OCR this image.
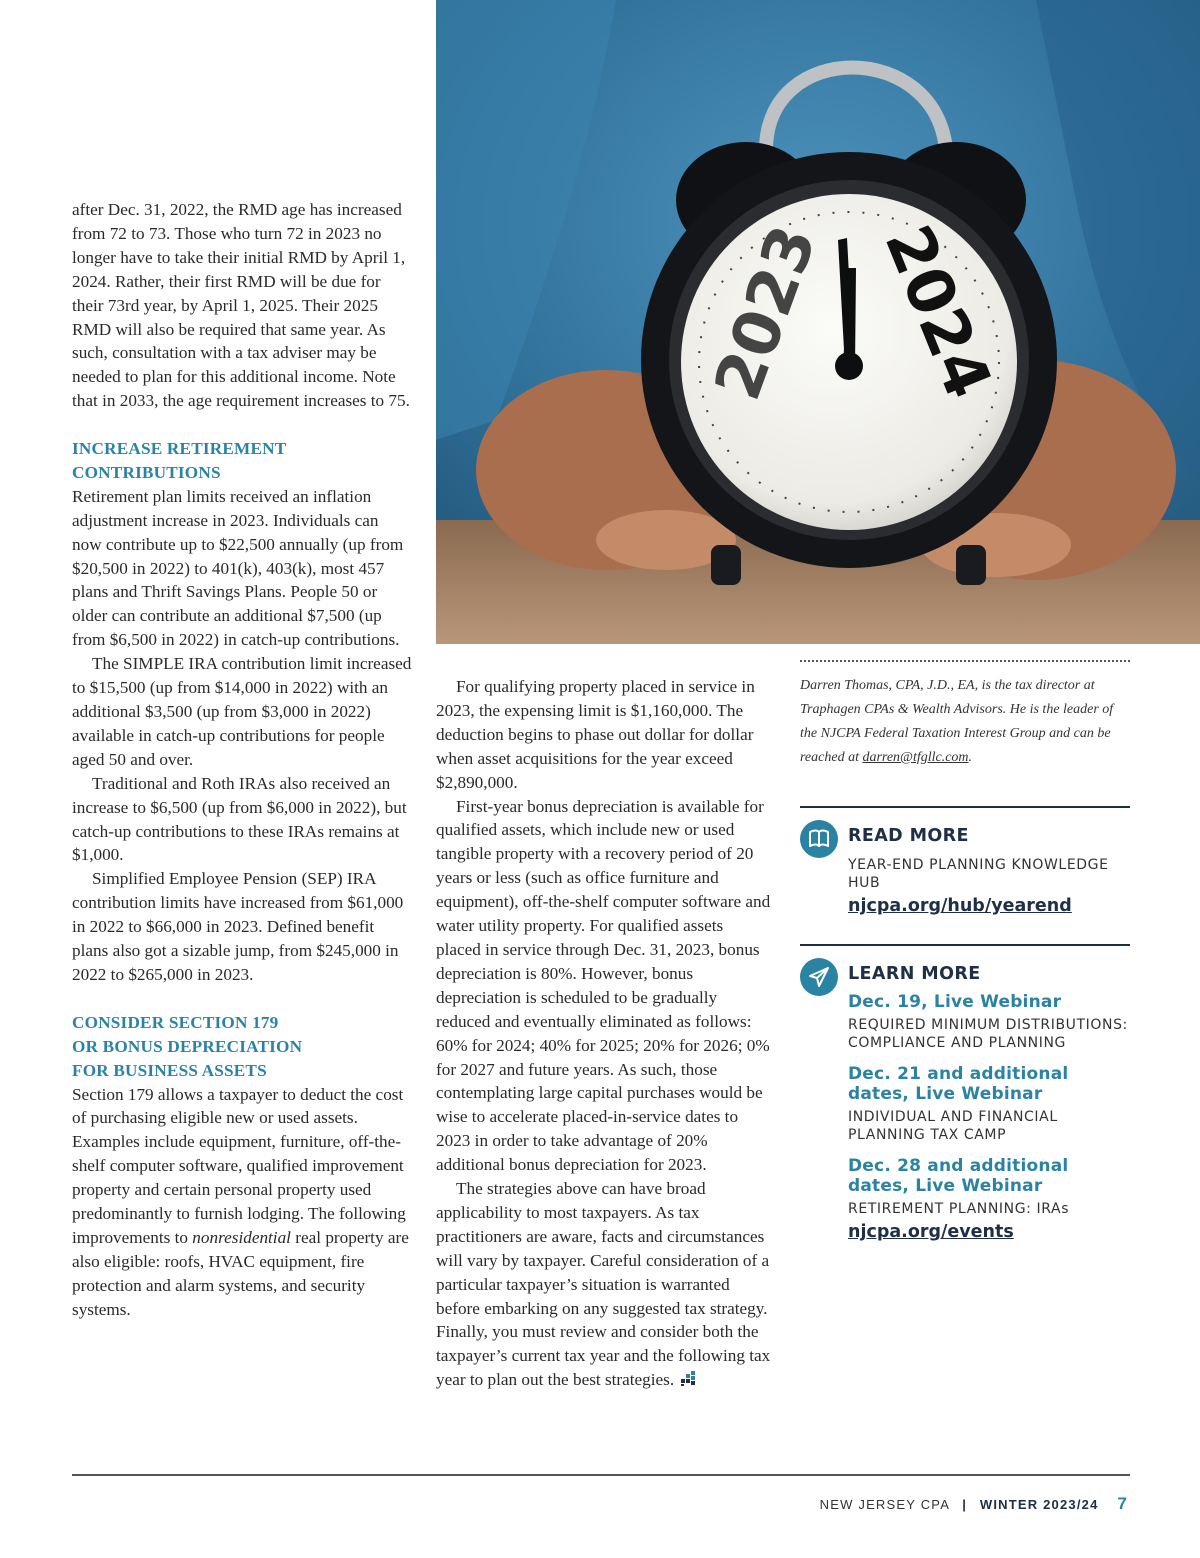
after Dec. 31, 2022, the RMD age has increased from 72 to 73. Those who turn 72 in 2023 no longer have to take their initial RMD by April 1, 2024. Rather, their first RMD will be due for their 73rd year, by April 1, 2025. Their 2025 RMD will also be required that same year. As such, consultation with a tax adviser may be needed to plan for this additional income. Note that in 2033, the age requirement increases to 75.

INCREASE RETIREMENT
CONTRIBUTIONS

Retirement plan limits received an inflation adjustment increase in 2023. Individuals can now contribute up to $22,500 annually (up from $20,500 in 2022) to 401(k), 403(k), most 457 plans and Thrift Savings Plans. People 50 or older can contribute an additional $7,500 (up from $6,500 in 2022) in catch-up contributions.

The SIMPLE IRA contribution limit increased to $15,500 (up from $14,000 in 2022) with an additional $3,500 (up from $3,000 in 2022) available in catch-up contributions for people aged 50 and over.

Traditional and Roth IRAs also received an increase to $6,500 (up from $6,000 in 2022), but catch-up contributions to these IRAs remains at $1,000.

Simplified Employee Pension (SEP) IRA contribution limits have increased from $61,000 in 2022 to $66,000 in 2023. Defined benefit plans also got a sizable jump, from $245,000 in 2022 to $265,000 in 2023.

CONSIDER SECTION 179
OR BONUS DEPRECIATION
FOR BUSINESS ASSETS

Section 179 allows a taxpayer to deduct the cost of purchasing eligible new or used assets. Examples include equipment, furniture, off-the-shelf computer software, qualified improvement property and certain personal property used predominantly to furnish lodging. The following improvements to nonresidential real property are also eligible: roofs, HVAC equipment, fire protection and alarm systems, and security systems.

2023 2024

For qualifying property placed in service in 2023, the expensing limit is $1,160,000. The deduction begins to phase out dollar for dollar when asset acquisitions for the year exceed $2,890,000.

First-year bonus depreciation is available for qualified assets, which include new or used tangible property with a recovery period of 20 years or less (such as office furniture and equipment), off-the-shelf computer software and water utility property. For qualified assets placed in service through Dec. 31, 2023, bonus depreciation is 80%. However, bonus depreciation is scheduled to be gradually reduced and eventually eliminated as follows: 60% for 2024; 40% for 2025; 20% for 2026; 0% for 2027 and future years. As such, those contemplating large capital purchases would be wise to accelerate placed-in-service dates to 2023 in order to take advantage of 20% additional bonus depreciation for 2023.

The strategies above can have broad applicability to most taxpayers. As tax practitioners are aware, facts and circumstances will vary by taxpayer. Careful consideration of a particular taxpayer’s situation is warranted before embarking on any suggested tax strategy. Finally, you must review and consider both the taxpayer’s current tax year and the following tax year to plan out the best strategies.

Darren Thomas, CPA, J.D., EA, is the tax director at Traphagen CPAs & Wealth Advisors. He is the leader of the NJCPA Federal Taxation Interest Group and can be reached at darren@tfgllc.com.
READ MORE
YEAR-END PLANNING KNOWLEDGE HUB
njcpa.org/hub/yearend
LEARN MORE
Dec. 19, Live Webinar
REQUIRED MINIMUM DISTRIBUTIONS: COMPLIANCE AND PLANNING
Dec. 21 and additional dates, Live Webinar
INDIVIDUAL AND FINANCIAL PLANNING TAX CAMP
Dec. 28 and additional dates, Live Webinar
RETIREMENT PLANNING: IRAs
njcpa.org/events
NEW JERSEY CPA | WINTER 2023/24 7
